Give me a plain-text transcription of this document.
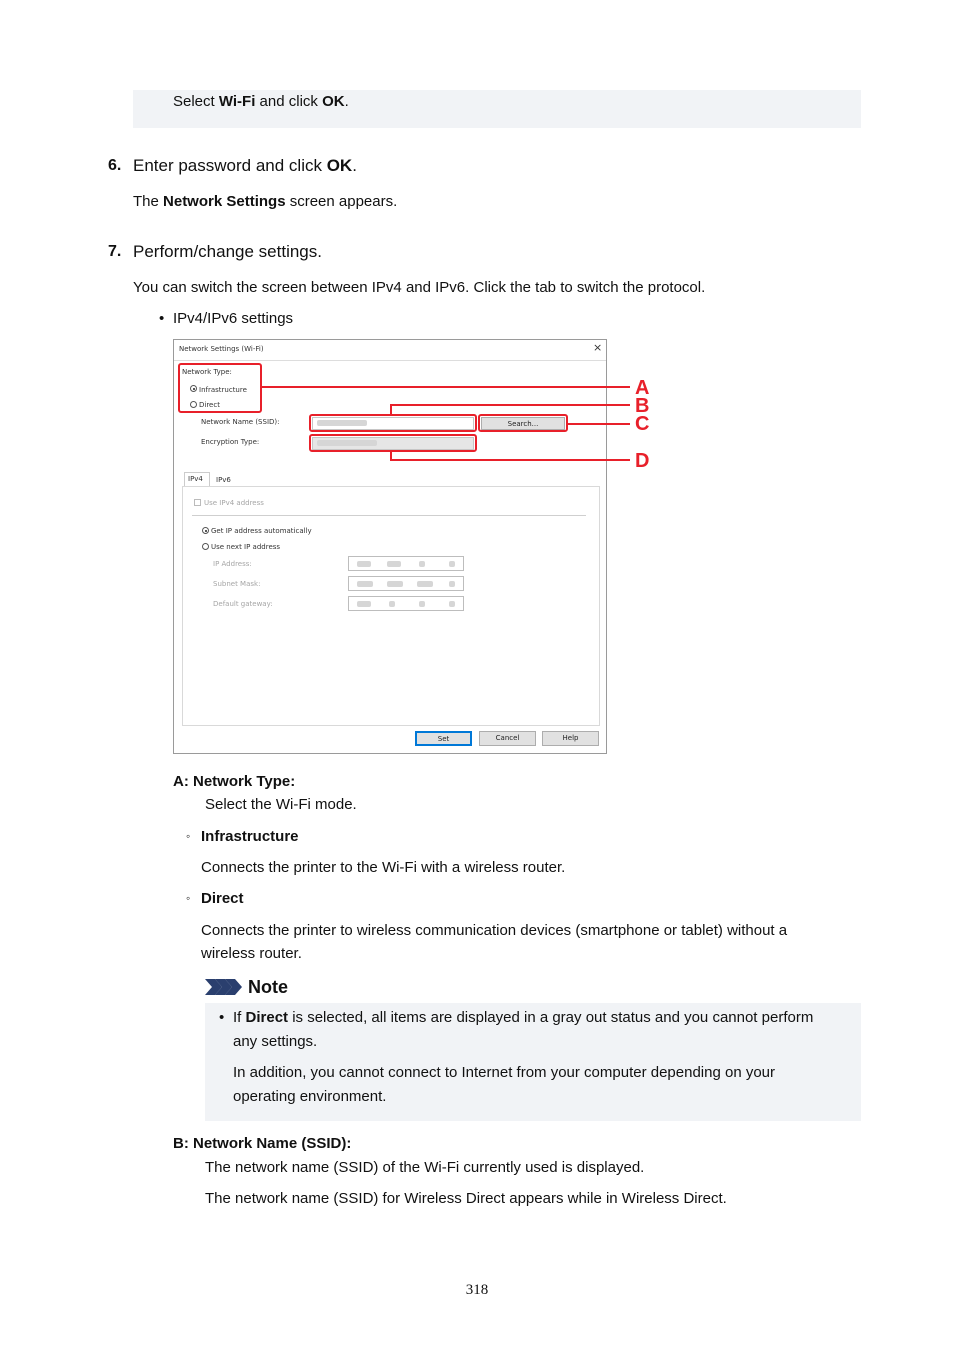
Select Wi-Fi and click OK.
6. Enter password and click OK.
The Network Settings screen appears.
7. Perform/change settings.
You can switch the screen between IPv4 and IPv6. Click the tab to switch the protocol.
• IPv4/IPv6 settings
Network Settings (Wi-Fi)	×
Network Type:
Infrastructure
Direct
Network Name (SSID):	Search...
Encryption Type:
A
B
C
D
IPv4 IPv6
Use IPv4 address
Get IP address automatically
Use next IP address
IP Address:
Subnet Mask:
Default gateway:
Set	Cancel	Help
A: Network Type:
Select the Wi-Fi mode.
◦ Infrastructure
Connects the printer to the Wi-Fi with a wireless router.
◦ Direct
Connects the printer to wireless communication devices (smartphone or tablet) without a
wireless router.
Note
• If Direct is selected, all items are displayed in a gray out status and you cannot perform
any settings.
In addition, you cannot connect to Internet from your computer depending on your
operating environment.
B: Network Name (SSID):
The network name (SSID) of the Wi-Fi currently used is displayed.
The network name (SSID) for Wireless Direct appears while in Wireless Direct.
318
